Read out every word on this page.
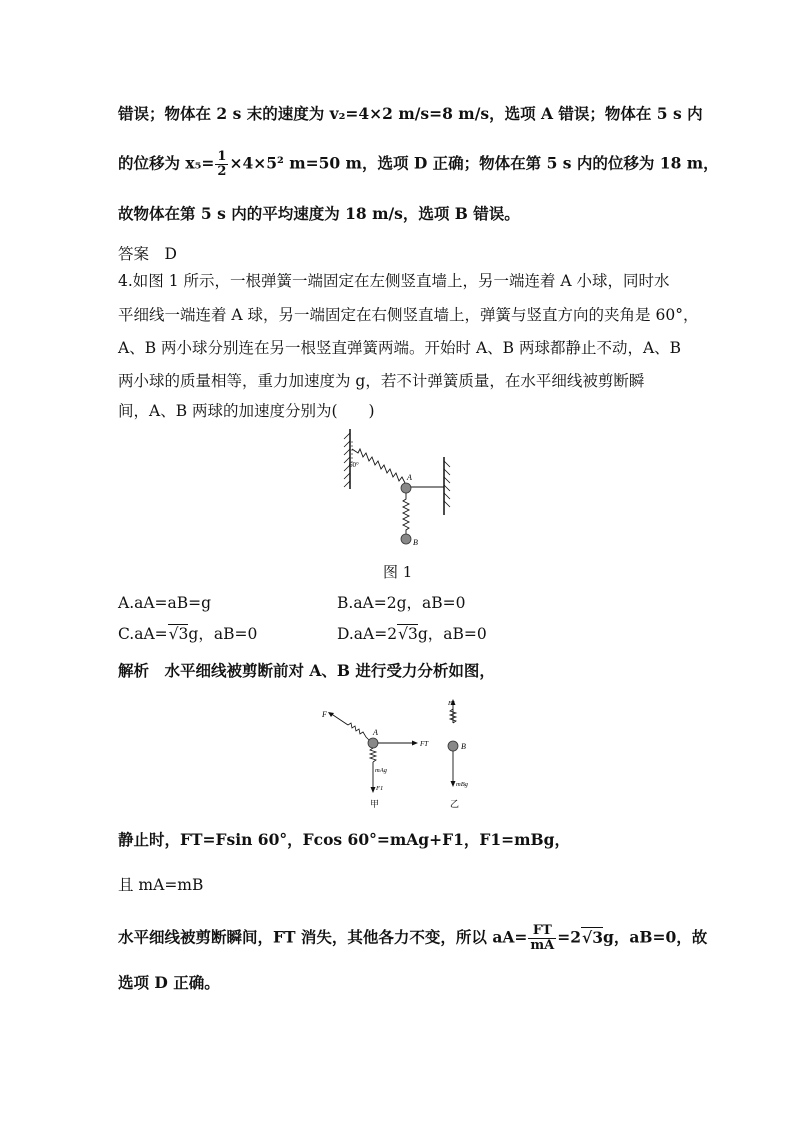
错误；物体在 2 s 末的速度为 v₂=4×2 m/s=8 m/s，选项 A 错误；物体在 5 s 内
的位移为 $x_5= \frac{1}{2} \times 4\times 5^2$ m=50 m，选项 D 正确；物体在第 5 s 内的位移为 18 m，
故物体在第 5 s 内的平均速度为 18 m/s，选项 B 错误。
答案　D
4.如图 1 所示，一根弹簧一端固定在左侧竖直墙上，另一端连着 A 小球，同时水
平细线一端连着 A 球，另一端固定在右侧竖直墙上，弹簧与竖直方向的夹角是 60°，
A、B 两小球分别连在另一根竖直弹簧两端。开始时 A、B 两球都静止不动，A、B
两小球的质量相等，重力加速度为 g，若不计弹簧质量，在水平细线被剪断瞬
间，A、B 两球的加速度分别为(　　)
60°
A
B
图 1
A.aA=aB=g	B.aA=2g，aB=0
C.aA=√3g，aB=0	D.aA=2√3g，aB=0
解析　水平细线被剪断前对 A、B 进行受力分析如图，
F
A
FT
mAg
F1
甲
F1
B
mBg
乙
静止时，FT=Fsin 60°，Fcos 60°=mAg+F1，F1=mBg，
且 mA=mB
水平细线被剪断瞬间，FT 消失，其他各力不变，所以 $aA= \frac{FT}{mA} =2√3g$，aB=0，故
选项 D 正确。
